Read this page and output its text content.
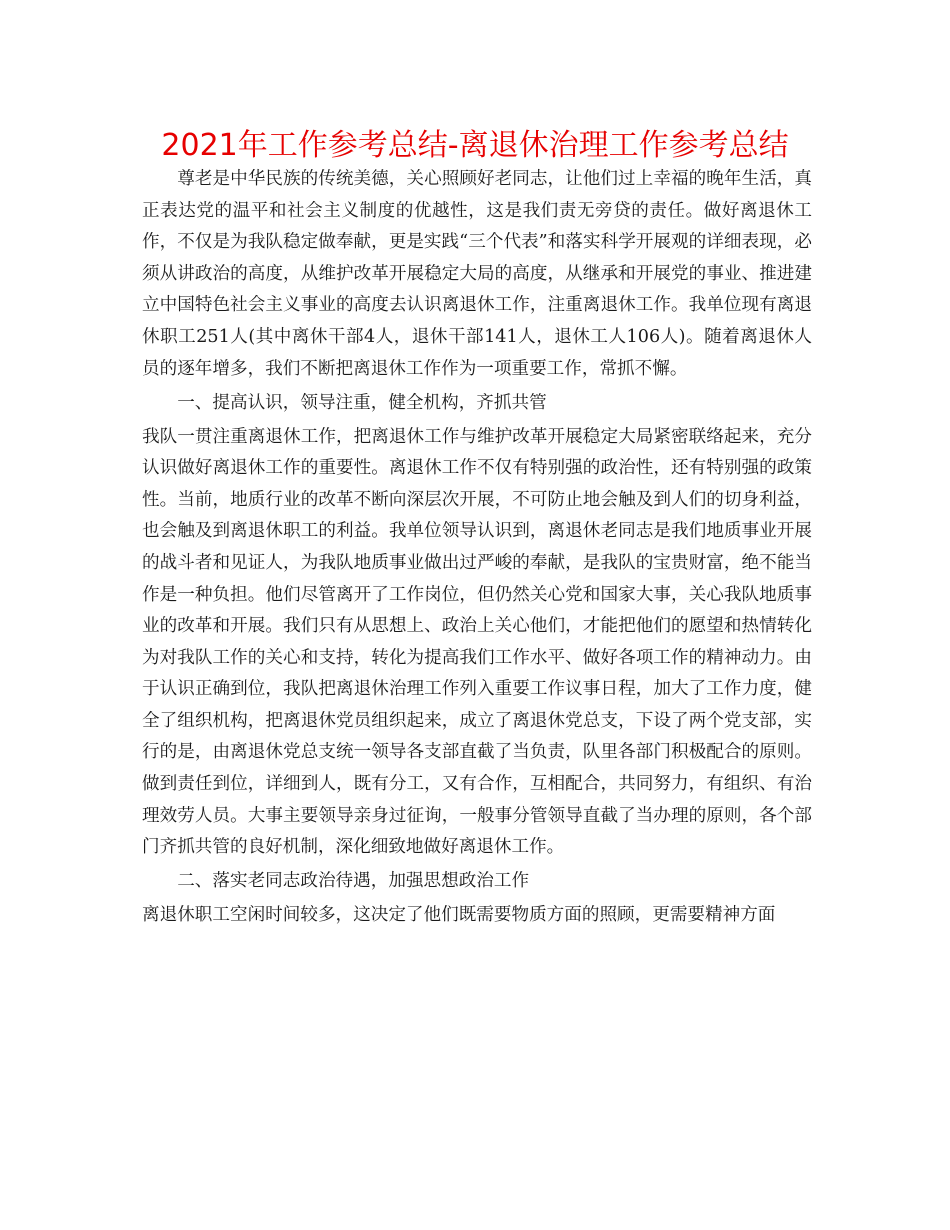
2021年工作参考总结-离退休治理工作参考总结

尊老是中华民族的传统美德，关心照顾好老同志，让他们过上幸福的晚年生活，真正表达党的温平和社会主义制度的优越性，这是我们责无旁贷的责任。做好离退休工作，不仅是为我队稳定做奉献，更是实践“三个代表”和落实科学开展观的详细表现，必须从讲政治的高度，从维护改革开展稳定大局的高度，从继承和开展党的事业、推进建立中国特色社会主义事业的高度去认识离退休工作，注重离退休工作。我单位现有离退休职工251人(其中离休干部4人，退休干部141人，退休工人106人)。随着离退休人员的逐年增多，我们不断把离退休工作作为一项重要工作，常抓不懈。

一、提高认识，领导注重，健全机构，齐抓共管

我队一贯注重离退休工作，把离退休工作与维护改革开展稳定大局紧密联络起来，充分认识做好离退休工作的重要性。离退休工作不仅有特别强的政治性，还有特别强的政策性。当前，地质行业的改革不断向深层次开展，不可防止地会触及到人们的切身利益，也会触及到离退休职工的利益。我单位领导认识到，离退休老同志是我们地质事业开展的战斗者和见证人，为我队地质事业做出过严峻的奉献，是我队的宝贵财富，绝不能当作是一种负担。他们尽管离开了工作岗位，但仍然关心党和国家大事，关心我队地质事业的改革和开展。我们只有从思想上、政治上关心他们，才能把他们的愿望和热情转化为对我队工作的关心和支持，转化为提高我们工作水平、做好各项工作的精神动力。由于认识正确到位，我队把离退休治理工作列入重要工作议事日程，加大了工作力度，健全了组织机构，把离退休党员组织起来，成立了离退休党总支，下设了两个党支部，实行的是，由离退休党总支统一领导各支部直截了当负责，队里各部门积极配合的原则。做到责任到位，详细到人，既有分工，又有合作，互相配合，共同努力，有组织、有治理效劳人员。大事主要领导亲身过征询，一般事分管领导直截了当办理的原则，各个部门齐抓共管的良好机制，深化细致地做好离退休工作。

二、落实老同志政治待遇，加强思想政治工作

离退休职工空闲时间较多，这决定了他们既需要物质方面的照顾，更需要精神方面
